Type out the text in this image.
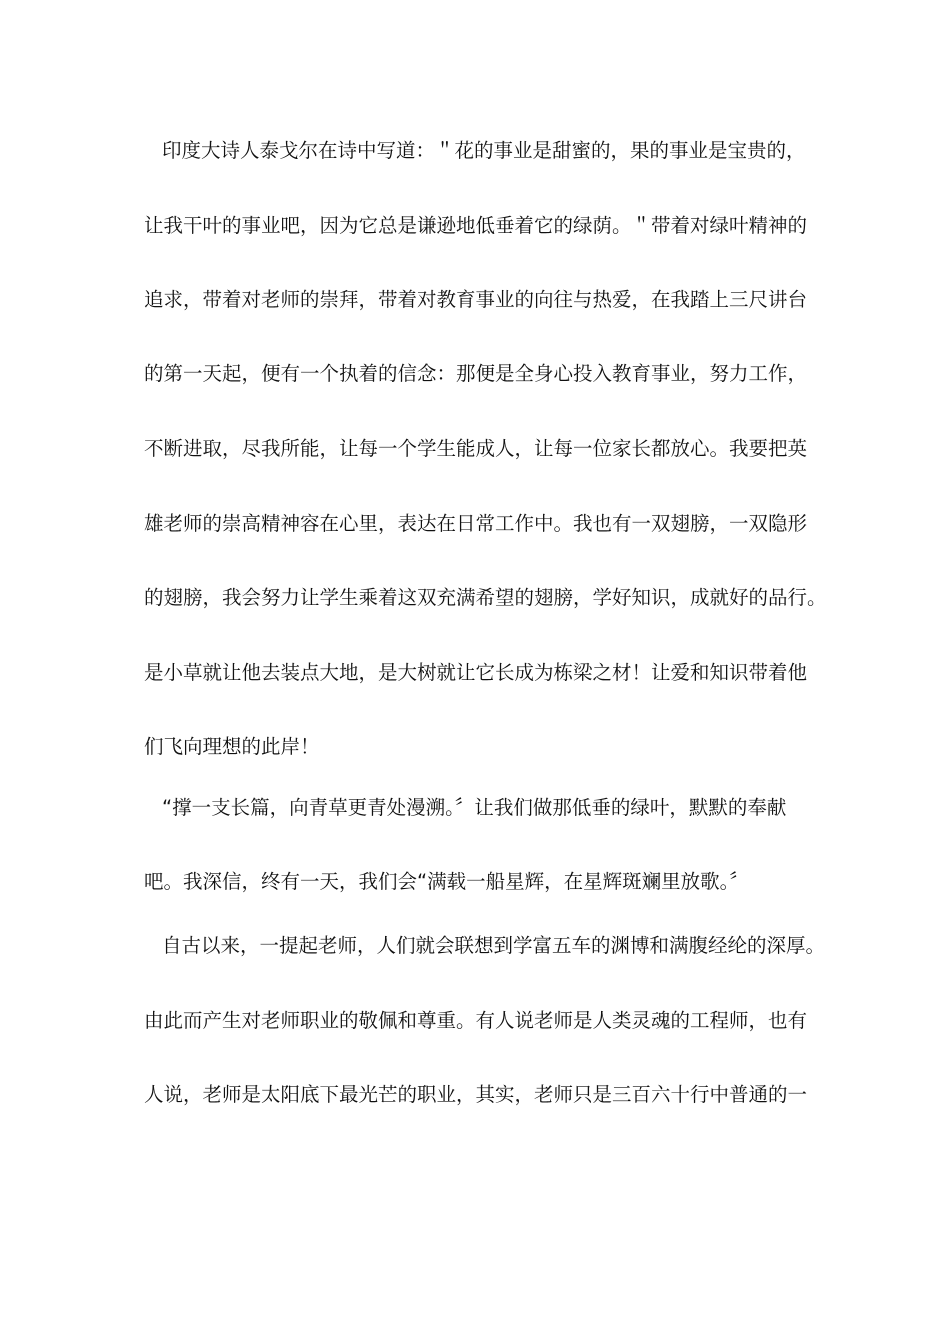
印度大诗人泰戈尔在诗中写道：＂花的事业是甜蜜的，果的事业是宝贵的，
让我干叶的事业吧，因为它总是谦逊地低垂着它的绿荫。＂带着对绿叶精神的
追求，带着对老师的崇拜，带着对教育事业的向往与热爱，在我踏上三尺讲台
的第一天起，便有一个执着的信念：那便是全身心投入教育事业，努力工作，
不断进取，尽我所能，让每一个学生能成人，让每一位家长都放心。我要把英
雄老师的崇高精神容在心里，表达在日常工作中。我也有一双翅膀，一双隐形
的翅膀，我会努力让学生乘着这双充满希望的翅膀，学好知识，成就好的品行。
是小草就让他去装点大地，是大树就让它长成为栋梁之材！让爱和知识带着他
们飞向理想的此岸！
“撑一支长篇，向青草更青处漫溯。〞让我们做那低垂的绿叶，默默的奉献
吧。我深信，终有一天，我们会“满载一船星辉，在星辉斑斓里放歌。〞
自古以来，一提起老师，人们就会联想到学富五车的渊博和满腹经纶的深厚。
由此而产生对老师职业的敬佩和尊重。有人说老师是人类灵魂的工程师，也有
人说，老师是太阳底下最光芒的职业，其实，老师只是三百六十行中普通的一
